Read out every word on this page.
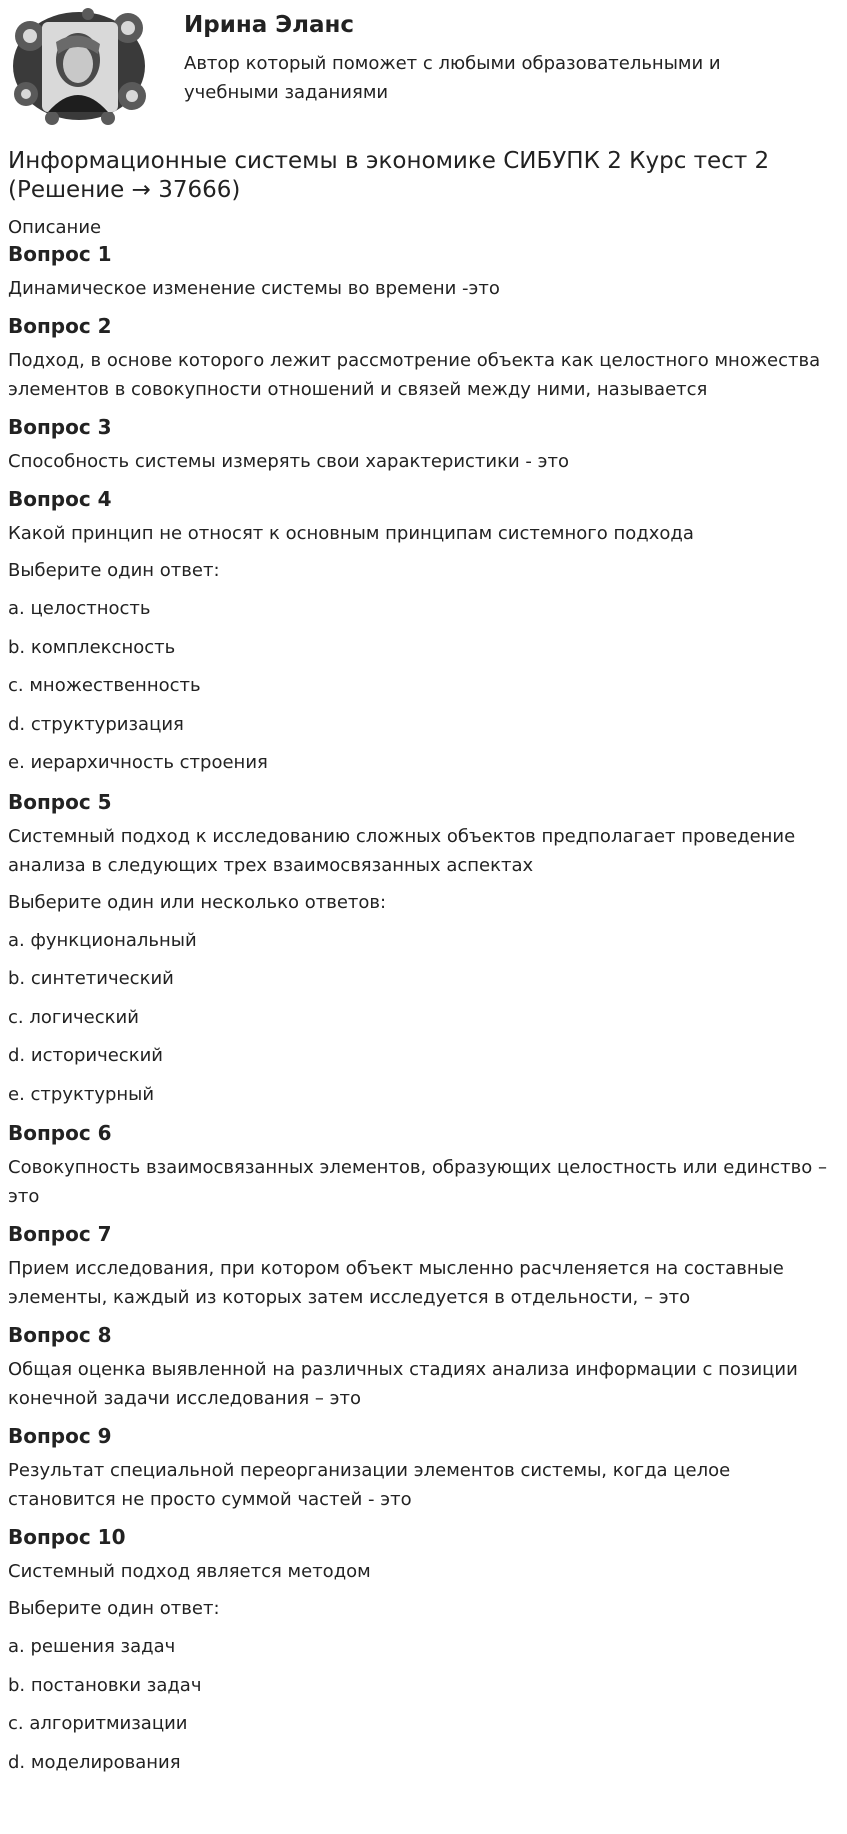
Ирина Эланс
Автор который поможет с любыми образовательными и учебными заданиями
Информационные системы в экономике СИБУПК 2 Курс тест 2 (Решение → 37666)
Описание
Вопрос 1
Динамическое изменение системы во времени -это
Вопрос 2
Подход, в основе которого лежит рассмотрение объекта как целостного множества элементов в совокупности отношений и связей между ними, называется
Вопрос 3
Способность системы измерять свои характеристики - это
Вопрос 4
Какой принцип не относят к основным принципам системного подхода
Выберите один ответ:
a. целостность
b. комплексность
c. множественность
d. структуризация
e. иерархичность строения
Вопрос 5
Системный подход к исследованию сложных объектов предполагает проведение анализа в следующих трех взаимосвязанных аспектах
Выберите один или несколько ответов:
a. функциональный
b. синтетический
c. логический
d. исторический
e. структурный
Вопрос 6
Совокупность взаимосвязанных элементов, образующих целостность или единство – это
Вопрос 7
Прием исследования, при котором объект мысленно расчленяется на составные элементы, каждый из которых затем исследуется в отдельности, – это
Вопрос 8
Общая оценка выявленной на различных стадиях анализа информации с позиции конечной задачи исследования – это
Вопрос 9
Результат специальной переорганизации элементов системы, когда целое становится не просто суммой частей - это
Вопрос 10
Системный подход является методом
Выберите один ответ:
a. решения задач
b. постановки задач
c. алгоритмизации
d. моделирования
